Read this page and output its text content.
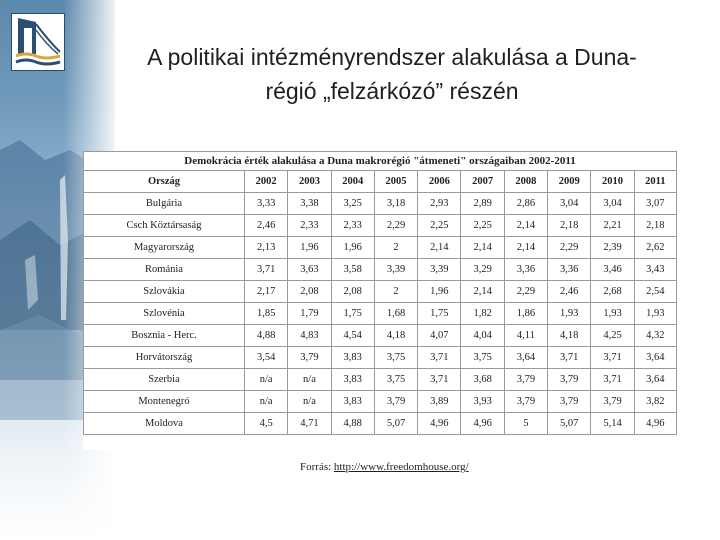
A politikai intézményrendszer alakulása a Duna-
régió „felzárkózó” részén
Demokrácia érték alakulása a Duna makrorégió "átmeneti" országaiban 2002-2011										
Ország	2002	2003	2004	2005	2006	2007	2008	2009	2010	2011
Bulgária	3,33	3,38	3,25	3,18	2,93	2,89	2,86	3,04	3,04	3,07
Csch Köztársaság	2,46	2,33	2,33	2,29	2,25	2,25	2,14	2,18	2,21	2,18
Magyarország	2,13	1,96	1,96	2	2,14	2,14	2,14	2,29	2,39	2,62
Románia	3,71	3,63	3,58	3,39	3,39	3,29	3,36	3,36	3,46	3,43
Szlovákia	2,17	2,08	2,08	2	1,96	2,14	2,29	2,46	2,68	2,54
Szlovénia	1,85	1,79	1,75	1,68	1,75	1,82	1,86	1,93	1,93	1,93
Bosznia - Herc.	4,88	4,83	4,54	4,18	4,07	4,04	4,11	4,18	4,25	4,32
Horvátország	3,54	3,79	3,83	3,75	3,71	3,75	3,64	3,71	3,71	3,64
Szerbia	n/a	n/a	3,83	3,75	3,71	3,68	3,79	3,79	3,71	3,64
Montenegró	n/a	n/a	3,83	3,79	3,89	3,93	3,79	3,79	3,79	3,82
Moldova	4,5	4,71	4,88	5,07	4,96	4,96	5	5,07	5,14	4,96
Forrás: http://www.freedomhouse.org/
